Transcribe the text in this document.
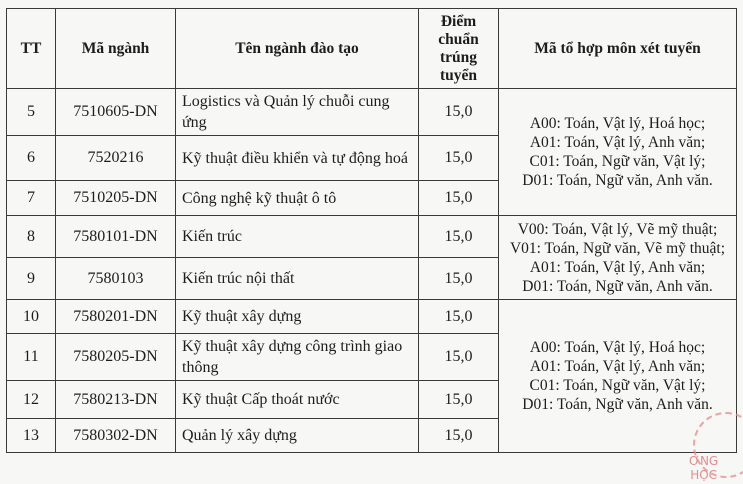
TT	Mã ngành	Tên ngành đào tạo	Điểm chuẩn trúng tuyển	Mã tổ hợp môn xét tuyển
5	7510605-DN	Logistics và Quản lý chuỗi cung ứng	15,0	A00: Toán, Vật lý, Hoá học;
A01: Toán, Vật lý, Anh văn;
C01: Toán, Ngữ văn, Vật lý;
D01: Toán, Ngữ văn, Anh văn.

6	7520216	Kỹ thuật điều khiển và tự động hoá	15,0	
7	7510205-DN	Công nghệ kỹ thuật ô tô	15,0	
8	7580101-DN	Kiến trúc	15,0	V00: Toán, Vật lý, Vẽ mỹ thuật;
V01: Toán, Ngữ văn, Vẽ mỹ thuật;
A01: Toán, Vật lý, Anh văn;
D01: Toán, Ngữ văn, Anh văn.

9	7580103	Kiến trúc nội thất	15,0	
10	7580201-DN	Kỹ thuật xây dựng	15,0	A00: Toán, Vật lý, Hoá học;
A01: Toán, Vật lý, Anh văn;
C01: Toán, Ngữ văn, Vật lý;
D01: Toán, Ngữ văn, Anh văn.

11	7580205-DN	Kỹ thuật xây dựng công trình giao thông	15,0	
12	7580213-DN	Kỹ thuật Cấp thoát nước	15,0	
13	7580302-DN	Quản lý xây dựng	15,0	
ƠNG
HỌC
